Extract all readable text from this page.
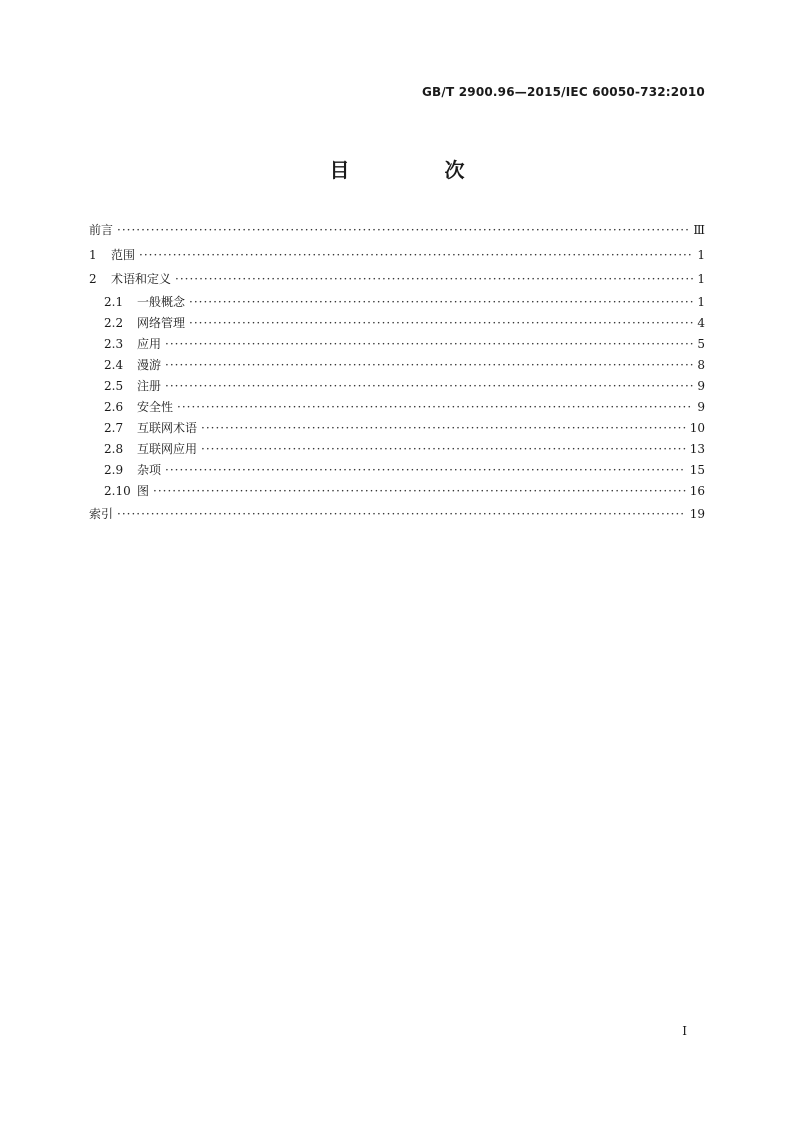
GB/T 2900.96—2015/IEC 60050-732:2010
目 次
前言 ·····	Ⅲ
1	范围 ·····	1
2	术语和定义 ·····	1
2.1	一般概念 ·····	1
2.2	网络管理 ·····	4
2.3	应用 ·····	5
2.4	漫游 ·····	8
2.5	注册 ·····	9
2.6	安全性 ·····	9
2.7	互联网术语 ·····	10
2.8	互联网应用 ·····	13
2.9	杂项 ·····	15
2.10 图 ·····	16
索引 ·····	19
I
